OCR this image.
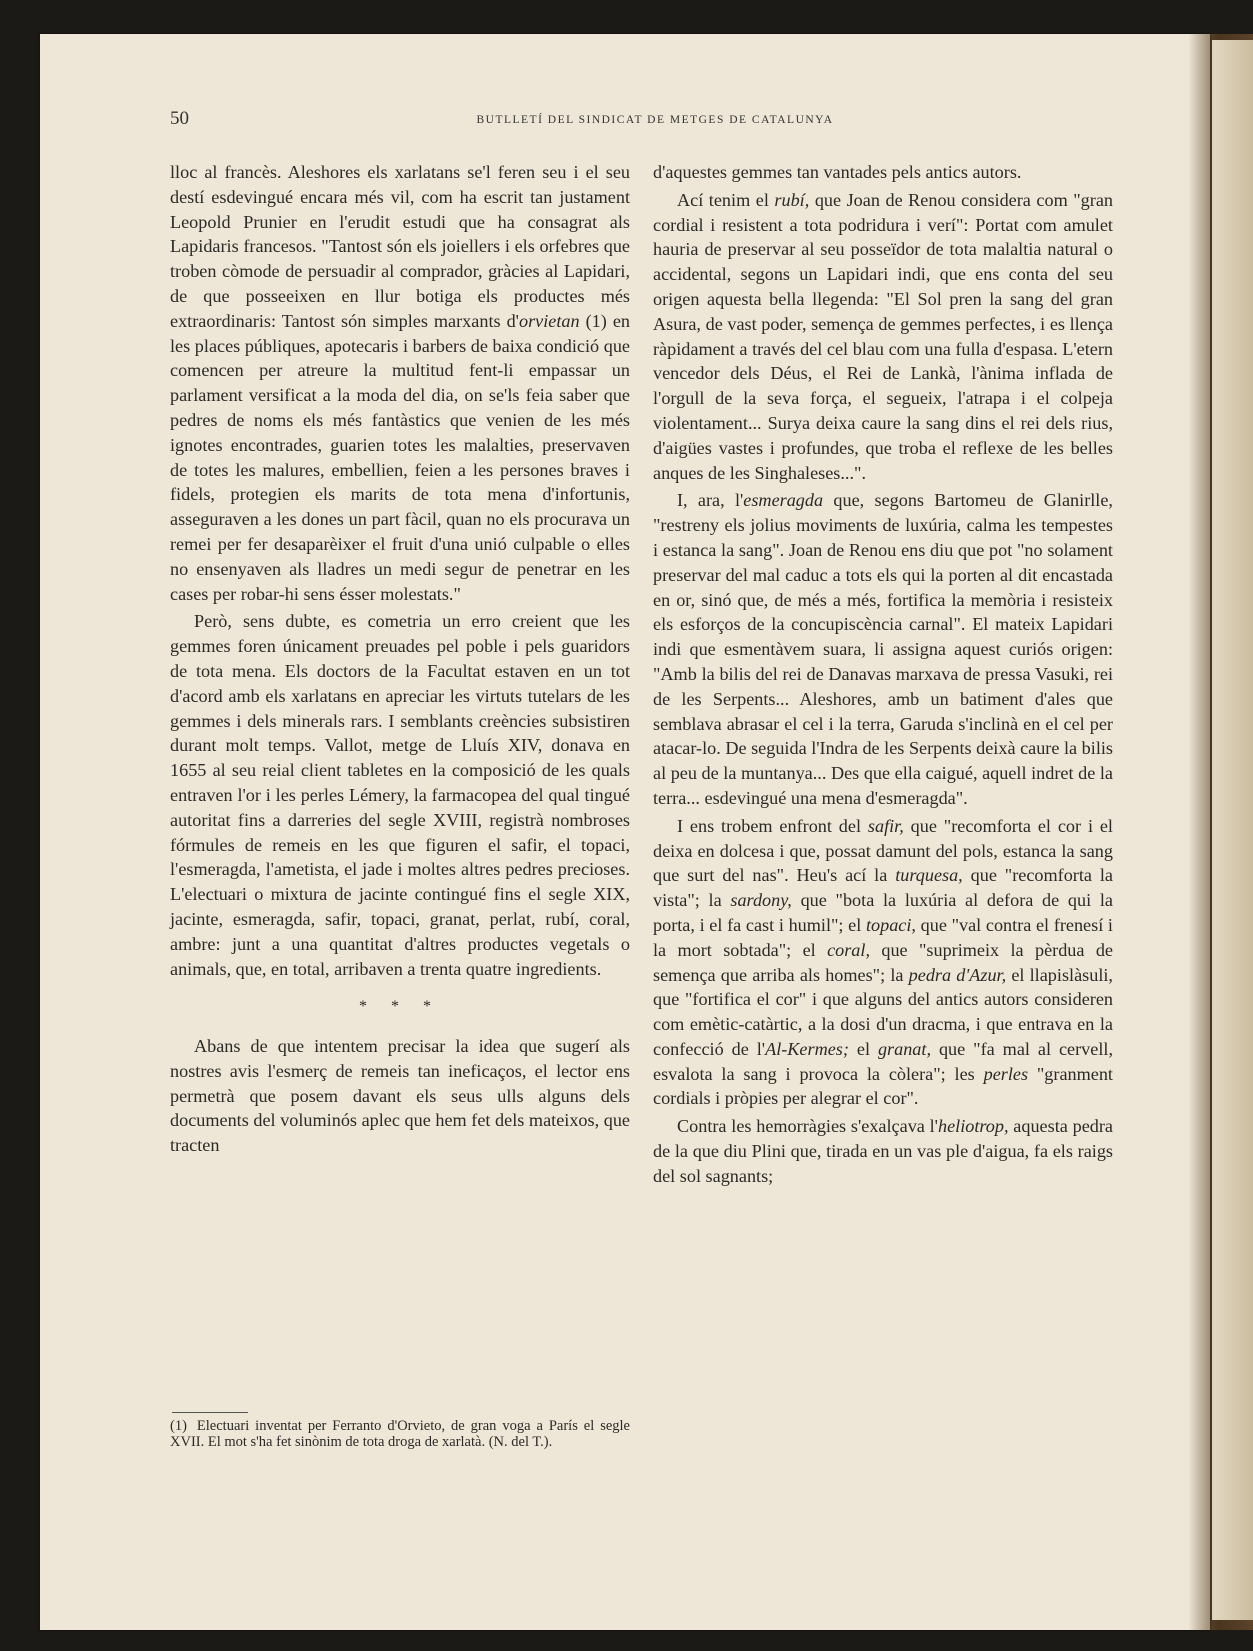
50	BUTLLETÍ DEL SINDICAT DE METGES DE CATALUNYA

lloc al francès. Aleshores els xarlatans se'l feren seu i el seu destí esdevingué encara més vil, com ha escrit tan justament Leopold Prunier en l'erudit estudi que ha consagrat als Lapidaris francesos. "Tantost són els joiellers i els orfebres que troben còmode de persuadir al comprador, gràcies al Lapidari, de que posseeixen en llur botiga els productes més extraordinaris: Tantost són simples marxants d'orvietan (1) en les places públiques, apotecaris i barbers de baixa condició que comencen per atreure la multitud fent-li empassar un parlament versificat a la moda del dia, on se'ls feia saber que pedres de noms els més fantàstics que venien de les més ignotes encontrades, guarien totes les malalties, preservaven de totes les malures, embellien, feien a les persones braves i fidels, protegien els marits de tota mena d'infortunis, asseguraven a les dones un part fàcil, quan no els procurava un remei per fer desaparèixer el fruit d'una unió culpable o elles no ensenyaven als lladres un medi segur de penetrar en les cases per robar-hi sens ésser molestats."

Però, sens dubte, es cometria un erro creient que les gemmes foren únicament preuades pel poble i pels guaridors de tota mena. Els doctors de la Facultat estaven en un tot d'acord amb els xarlatans en apreciar les virtuts tutelars de les gemmes i dels minerals rars. I semblants creències subsistiren durant molt temps. Vallot, metge de Lluís XIV, donava en 1655 al seu reial client tabletes en la composició de les quals entraven l'or i les perles Lémery, la farmacopea del qual tingué autoritat fins a darreries del segle XVIII, registrà nombroses fórmules de remeis en les que figuren el safir, el topaci, l'esmeragda, l'ametista, el jade i moltes altres pedres precioses. L'electuari o mixtura de jacinte contingué fins el segle XIX, jacinte, esmeragda, safir, topaci, granat, perlat, rubí, coral, ambre: junt a una quantitat d'altres productes vegetals o animals, que, en total, arribaven a trenta quatre ingredients.

* * *

Abans de que intentem precisar la idea que sugerí als nostres avis l'esmerç de remeis tan ineficaços, el lector ens permetrà que posem davant els seus ulls alguns dels documents del voluminós aplec que hem fet dels mateixos, que tracten

d'aquestes gemmes tan vantades pels antics autors.

Ací tenim el rubí, que Joan de Renou considera com "gran cordial i resistent a tota podridura i verí": Portat com amulet hauria de preservar al seu posseïdor de tota malaltia natural o accidental, segons un Lapidari indi, que ens conta del seu origen aquesta bella llegenda: "El Sol pren la sang del gran Asura, de vast poder, semença de gemmes perfectes, i es llença ràpidament a través del cel blau com una fulla d'espasa. L'etern vencedor dels Déus, el Rei de Lankà, l'ànima inflada de l'orgull de la seva força, el segueix, l'atrapa i el colpeja violentament... Surya deixa caure la sang dins el rei dels rius, d'aigües vastes i profundes, que troba el reflexe de les belles anques de les Singhaleses...".

I, ara, l'esmeragda que, segons Bartomeu de Glanirlle, "restreny els jolius moviments de luxúria, calma les tempestes i estanca la sang". Joan de Renou ens diu que pot "no solament preservar del mal caduc a tots els qui la porten al dit encastada en or, sinó que, de més a més, fortifica la memòria i resisteix els esforços de la concupiscència carnal". El mateix Lapidari indi que esmentàvem suara, li assigna aquest curiós origen: "Amb la bilis del rei de Danavas marxava de pressa Vasuki, rei de les Serpents... Aleshores, amb un batiment d'ales que semblava abrasar el cel i la terra, Garuda s'inclinà en el cel per atacar-lo. De seguida l'Indra de les Serpents deixà caure la bilis al peu de la muntanya... Des que ella caigué, aquell indret de la terra... esdevingué una mena d'esmeragda".

I ens trobem enfront del safir, que "recomforta el cor i el deixa en dolcesa i que, possat damunt del pols, estanca la sang que surt del nas". Heu's ací la turquesa, que "recomforta la vista"; la sardony, que "bota la luxúria al defora de qui la porta, i el fa cast i humil"; el topaci, que "val contra el frenesí i la mort sobtada"; el coral, que "suprimeix la pèrdua de semença que arriba als homes"; la pedra d'Azur, el llapislàsuli, que "fortifica el cor" i que alguns del antics autors consideren com emètic-catàrtic, a la dosi d'un dracma, i que entrava en la confecció de l'Al-Kermes; el granat, que "fa mal al cervell, esvalota la sang i provoca la còlera"; les perles "granment cordials i pròpies per alegrar el cor".

Contra les hemorràgies s'exalçava l'heliotrop, aquesta pedra de la que diu Plini que, tirada en un vas ple d'aigua, fa els raigs del sol sagnants;

(1) Electuari inventat per Ferranto d'Orvieto, de gran voga a París el segle XVII. El mot s'ha fet sinònim de tota droga de xarlatà. (N. del T.).
